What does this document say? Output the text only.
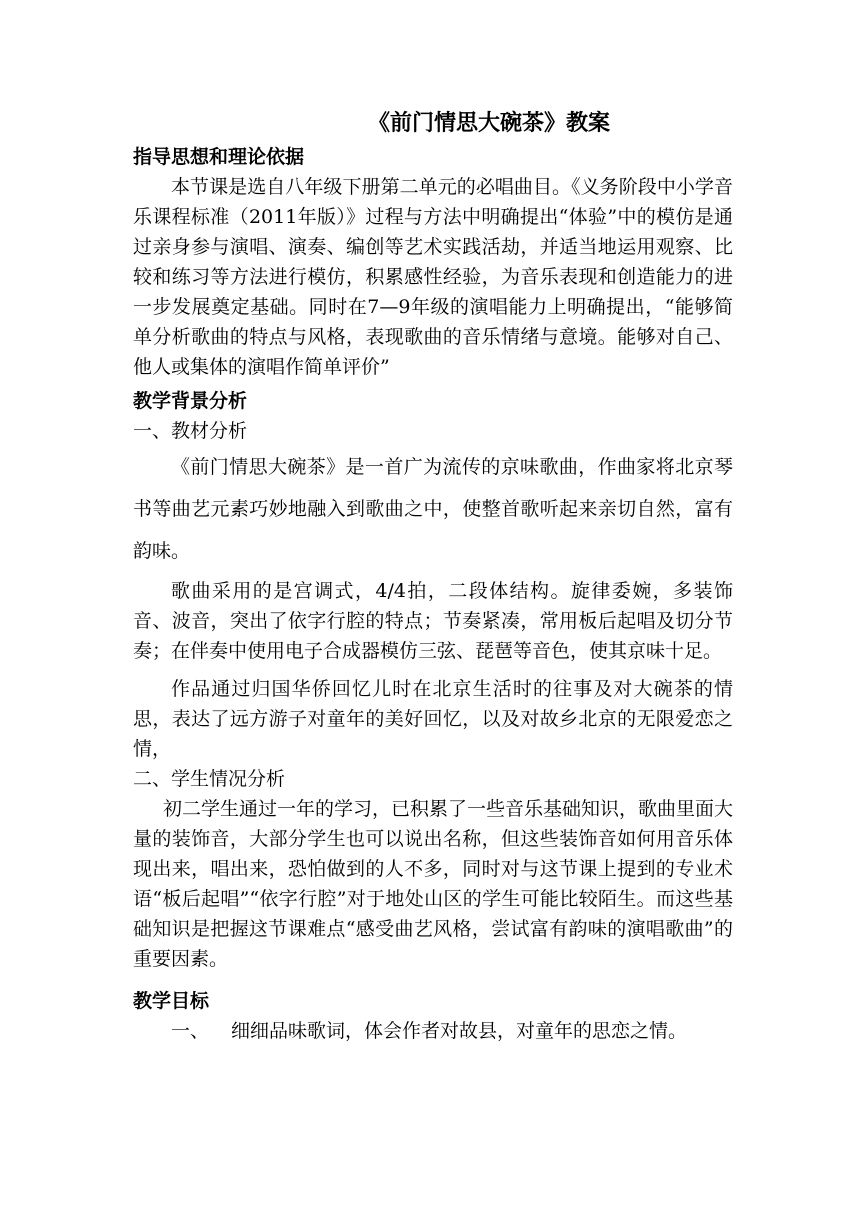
《前门情思大碗茶》教案

指导思想和理论依据

本节课是选自八年级下册第二单元的必唱曲目。《义务阶段中小学音乐课程标准（2011年版）》过程与方法中明确提出“体验”中的模仿是通过亲身参与演唱、演奏、编创等艺术实践活劫，并适当地运用观察、比较和练习等方法进行模仿，积累感性经验，为音乐表现和创造能力的进一步发展奠定基础。同时在7—9年级的演唱能力上明确提出，“能够简单分析歌曲的特点与风格，表现歌曲的音乐情绪与意境。能够对自己、他人或集体的演唱作简单评价”

教学背景分析

一、教材分析

《前门情思大碗茶》是一首广为流传的京味歌曲，作曲家将北京琴书等曲艺元素巧妙地融入到歌曲之中，使整首歌听起来亲切自然，富有韵味。

歌曲采用的是宫调式，4/4拍，二段体结构。旋律委婉，多装饰音、波音，突出了依字行腔的特点；节奏紧凑，常用板后起唱及切分节奏；在伴奏中使用电子合成器模仿三弦、琵琶等音色，使其京味十足。

作品通过归国华侨回忆儿时在北京生活时的往事及对大碗茶的情思，表达了远方游子对童年的美好回忆，以及对故乡北京的无限爱恋之情，

二、学生情况分析

初二学生通过一年的学习，已积累了一些音乐基础知识，歌曲里面大量的装饰音，大部分学生也可以说出名称，但这些装饰音如何用音乐体现出来，唱出来，恐怕做到的人不多，同时对与这节课上提到的专业术语“板后起唱”“依字行腔”对于地处山区的学生可能比较陌生。而这些基础知识是把握这节课难点“感受曲艺风格，尝试富有韵味的演唱歌曲”的重要因素。

教学目标

一、 细细品味歌词，体会作者对故县，对童年的思恋之情。
